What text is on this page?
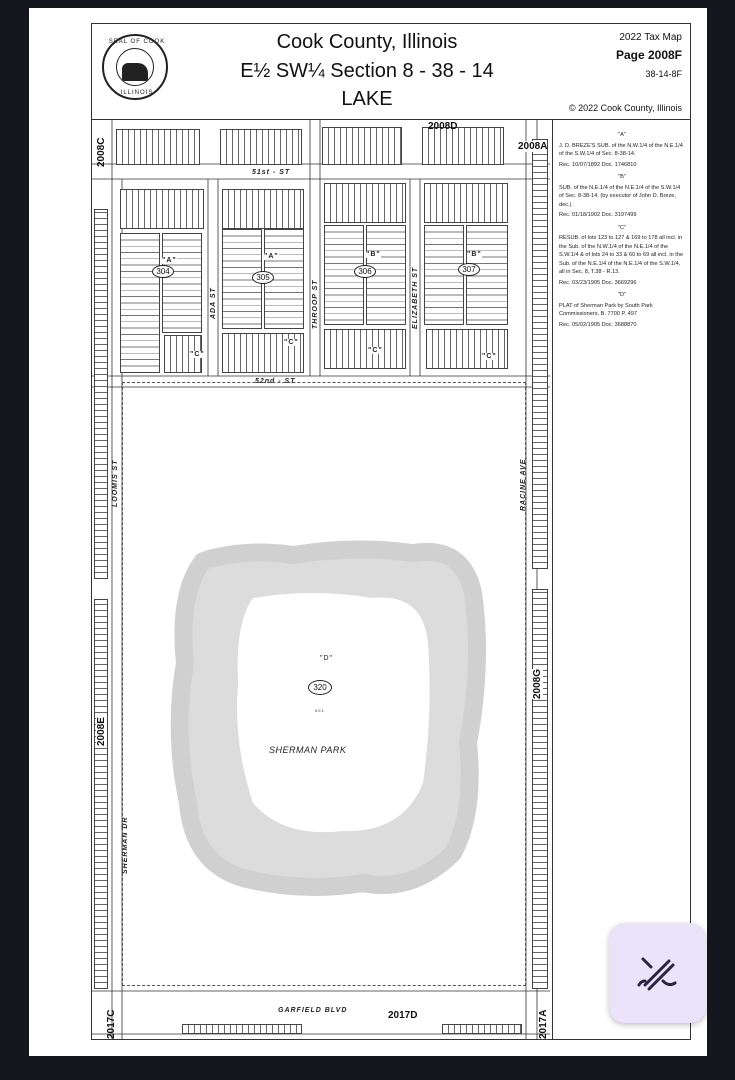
SEAL OF COOK
ILLINOIS
Cook County, Illinois
E½ SW¼ Section 8 - 38 - 14
LAKE
2022 Tax Map
Page 2008F
38-14-8F
© 2022 Cook County, Illinois
51st - ST
52nd - ST
ADA ST	THROOP ST	ELIZABETH ST
LOOMIS ST	RACINE AVE
SHERMAN DR
GARFIELD BLVD
2008C
2008D
2008A
2008E
2008G
2017C	2017D	2017A
304
305
306	307
"A"
"A"	"B"	"B"
"C"
"C"
"C"
"C"
"D"
320
001
SHERMAN PARK
"A"

J. D. BREZE'S SUB. of the N.W.1/4 of the N.E.1/4 of the S.W.1/4 of Sec. 8-38-14.

Rec. 10/07/1892 Doc. 1746810

"B"

SUB. of the N.E.1/4 of the N.E.1/4 of the S.W.1/4 of Sec. 8-38-14. (by executor of John D. Breze, dec.)

Rec. 01/18/1902 Doc. 3197499

"C"

RESUB. of lots 123 to 127 & 169 to 178 all incl. in the Sub. of the N.W.1/4 of the N.E.1/4 of the S.W.1/4 & of lots 24 to 33 & 60 to 69 all incl. in the Sub. of the N.E.1/4 of the N.E.1/4 of the S.W.1/4, all in Sec. 8, T.38 - R.13.

Rec. 03/23/1905 Doc. 3669296

"D"

PLAT of Sherman Park by South Park Commissioners. B. 7700 P. 497

Rec. 05/02/1905 Doc. 3688870
